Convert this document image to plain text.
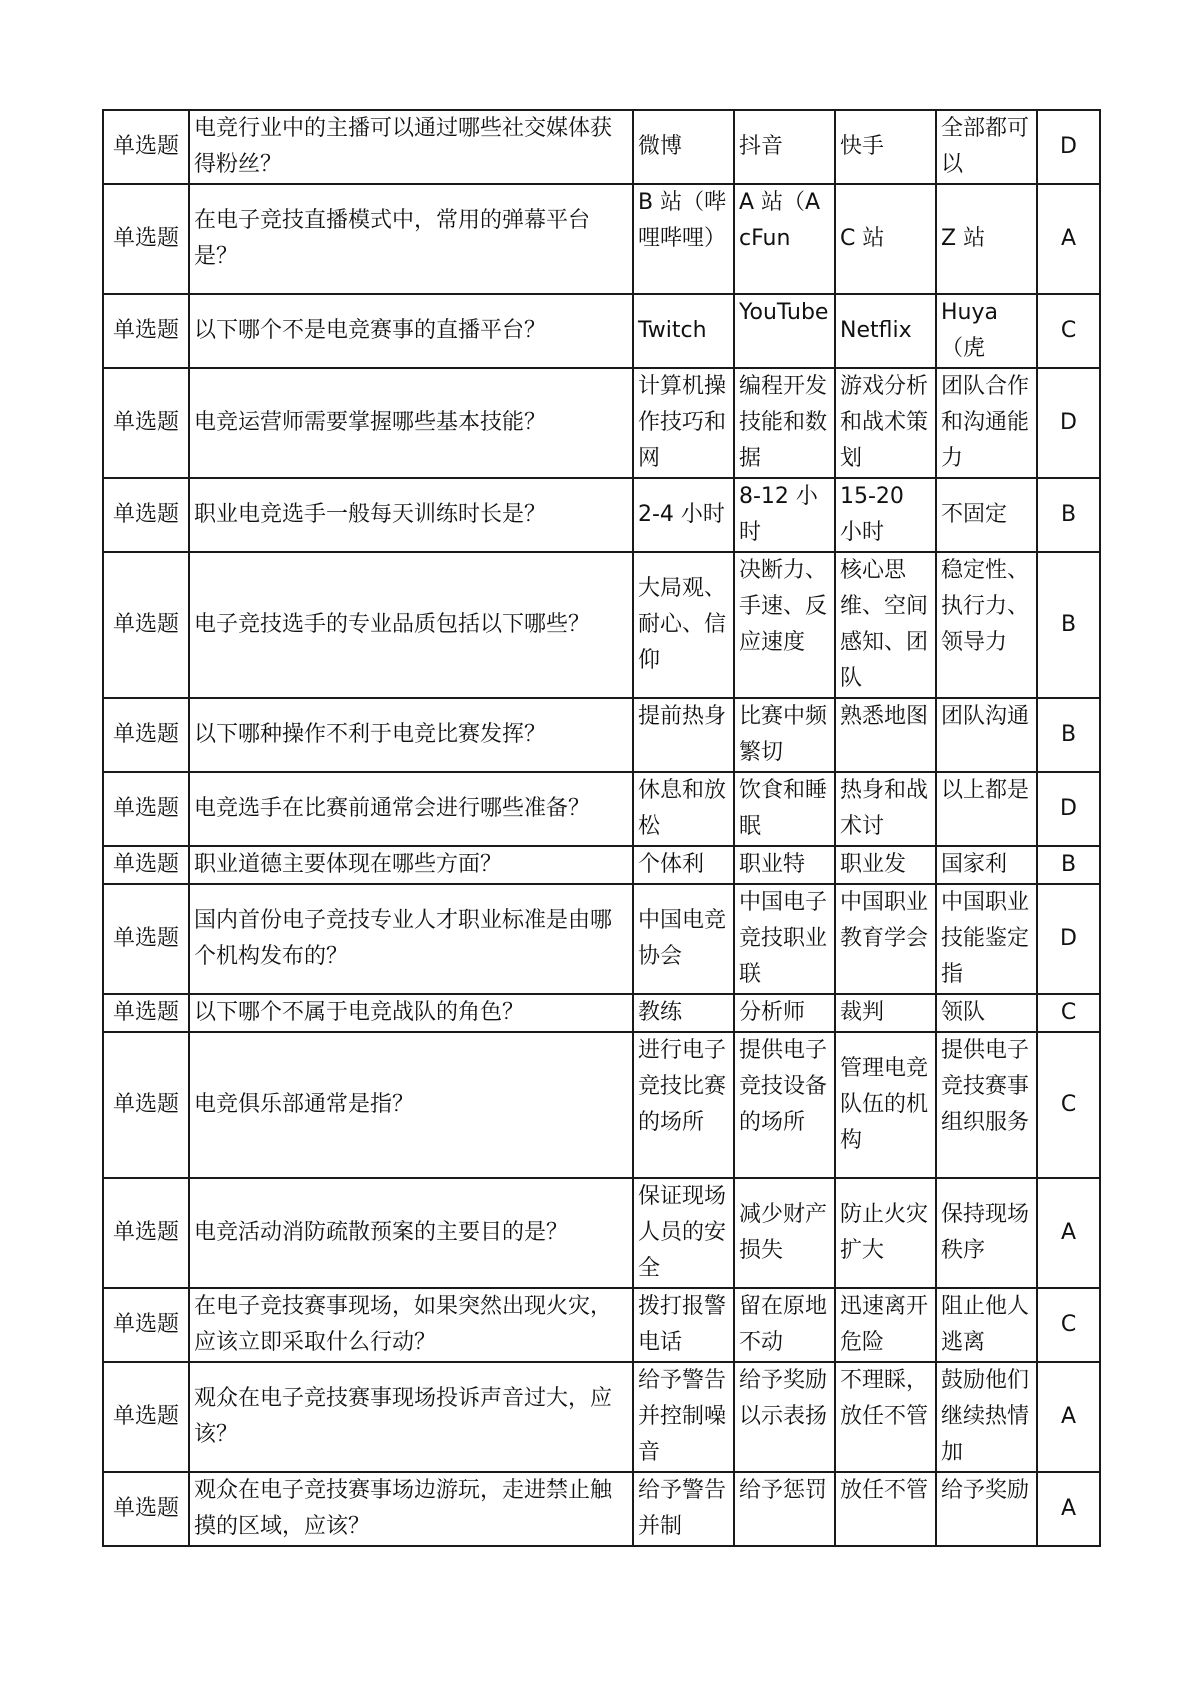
单选题	电竞行业中的主播可以通过哪些社交媒体获得粉丝？	微博	抖音	快手	全部都可以	D
单选题	在电子竞技直播模式中，常用的弹幕平台是？	B 站（哔哩哔哩）	A 站（AcFun	C 站	Z 站	A
单选题	以下哪个不是电竞赛事的直播平台？	Twitch	YouTube	Netflix	Huya（虎	C
单选题	电竞运营师需要掌握哪些基本技能？	计算机操作技巧和网	编程开发技能和数据	游戏分析和战术策划	团队合作和沟通能力	D
单选题	职业电竞选手一般每天训练时长是？	2-4 小时	8-12 小时	15-20 小时	不固定	B
单选题	电子竞技选手的专业品质包括以下哪些？	大局观、耐心、信仰	决断力、手速、反应速度	核心思维、空间感知、团队	稳定性、执行力、领导力	B
单选题	以下哪种操作不利于电竞比赛发挥？	提前热身	比赛中频繁切	熟悉地图	团队沟通	B
单选题	电竞选手在比赛前通常会进行哪些准备？	休息和放松	饮食和睡眠	热身和战术讨	以上都是	D
单选题	职业道德主要体现在哪些方面？	个体利	职业特	职业发	国家利	B
单选题	国内首份电子竞技专业人才职业标准是由哪个机构发布的？	中国电竞协会	中国电子竞技职业联	中国职业教育学会	中国职业技能鉴定指	D
单选题	以下哪个不属于电竞战队的角色？	教练	分析师	裁判	领队	C
单选题	电竞俱乐部通常是指？	进行电子竞技比赛的场所	提供电子竞技设备的场所	管理电竞队伍的机构	提供电子竞技赛事组织服务	C
单选题	电竞活动消防疏散预案的主要目的是？	保证现场人员的安全	减少财产损失	防止火灾扩大	保持现场秩序	A
单选题	在电子竞技赛事现场，如果突然出现火灾，应该立即采取什么行动？	拨打报警电话	留在原地不动	迅速离开危险	阻止他人逃离	C
单选题	观众在电子竞技赛事现场投诉声音过大，应该？	给予警告并控制噪音	给予奖励以示表扬	不理睬，放任不管	鼓励他们继续热情加	A
单选题	观众在电子竞技赛事场边游玩，走进禁止触摸的区域，应该？	给予警告并制	给予惩罚	放任不管	给予奖励	A
